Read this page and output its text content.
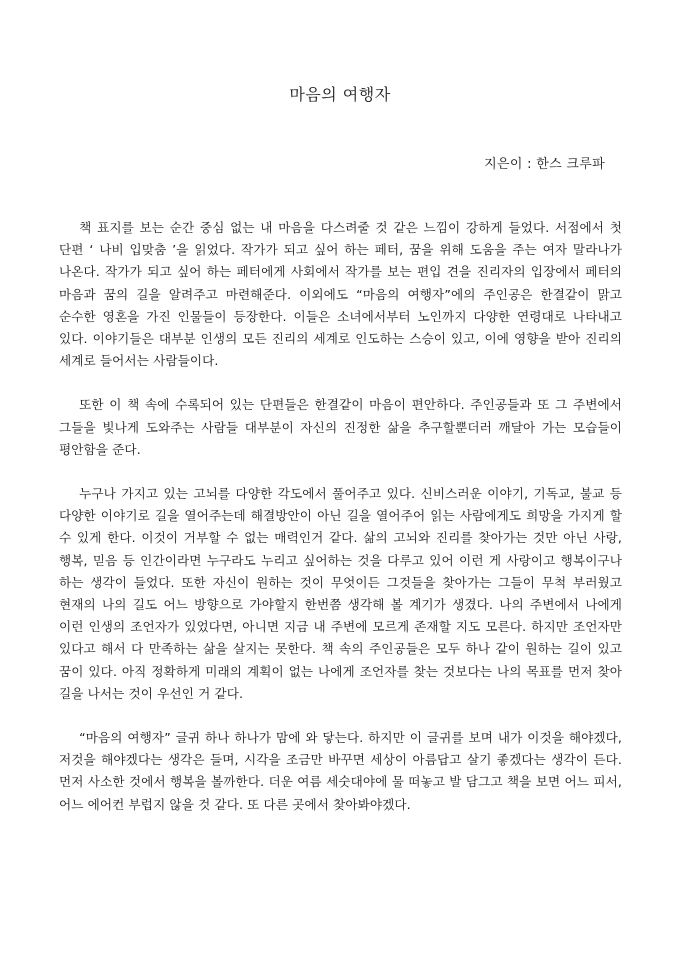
마음의 여행자

지은이 : 한스 크루파

책 표지를 보는 순간 중심 없는 내 마음을 다스려줄 것 같은 느낌이 강하게 들었다. 서점에서 첫 단편 ‘ 나비 입맞춤 ’을 읽었다. 작가가 되고 싶어 하는 페터, 꿈을 위해 도움을 주는 여자 말라나가 나온다. 작가가 되고 싶어 하는 페터에게 사회에서 작가를 보는 편입 견을 진리자의 입장에서 페터의 마음과 꿈의 길을 알려주고 마련해준다. 이외에도 “마음의 여행자”에의 주인공은 한결같이 맑고 순수한 영혼을 가진 인물들이 등장한다. 이들은 소녀에서부터 노인까지 다양한 연령대로 나타내고 있다. 이야기들은 대부분 인생의 모든 진리의 세계로 인도하는 스승이 있고, 이에 영향을 받아 진리의 세계로 들어서는 사람들이다.

또한 이 책 속에 수록되어 있는 단편들은 한결같이 마음이 편안하다. 주인공들과 또 그 주변에서 그들을 빛나게 도와주는 사람들 대부분이 자신의 진정한 삶을 추구할뿐더러 깨달아 가는 모습들이 평안함을 준다.

누구나 가지고 있는 고뇌를 다양한 각도에서 풀어주고 있다. 신비스러운 이야기, 기독교, 불교 등 다양한 이야기로 길을 열어주는데 해결방안이 아닌 길을 열어주어 읽는 사람에게도 희망을 가지게 할 수 있게 한다. 이것이 거부할 수 없는 매력인거 같다. 삶의 고뇌와 진리를 찾아가는 것만 아닌 사랑, 행복, 믿음 등 인간이라면 누구라도 누리고 싶어하는 것을 다루고 있어 이런 게 사랑이고 행복이구나 하는 생각이 들었다. 또한 자신이 원하는 것이 무엇이든 그것들을 찾아가는 그들이 무척 부러웠고 현재의 나의 길도 어느 방향으로 가야할지 한번쯤 생각해 볼 계기가 생겼다. 나의 주변에서 나에게 이런 인생의 조언자가 있었다면, 아니면 지금 내 주변에 모르게 존재할 지도 모른다. 하지만 조언자만 있다고 해서 다 만족하는 삶을 살지는 못한다. 책 속의 주인공들은 모두 하나 같이 원하는 길이 있고 꿈이 있다. 아직 정확하게 미래의 계획이 없는 나에게 조언자를 찾는 것보다는 나의 목표를 먼저 찾아 길을 나서는 것이 우선인 거 같다.

“마음의 여행자” 글귀 하나 하나가 맘에 와 닿는다. 하지만 이 글귀를 보며 내가 이것을 해야겠다, 저것을 해야겠다는 생각은 들며, 시각을 조금만 바꾸면 세상이 아름답고 살기 좋겠다는 생각이 든다. 먼저 사소한 것에서 행복을 볼까한다. 더운 여름 세숫대야에 물 떠놓고 발 담그고 책을 보면 어느 피서, 어느 에어컨 부럽지 않을 것 같다. 또 다른 곳에서 찾아봐야겠다.
